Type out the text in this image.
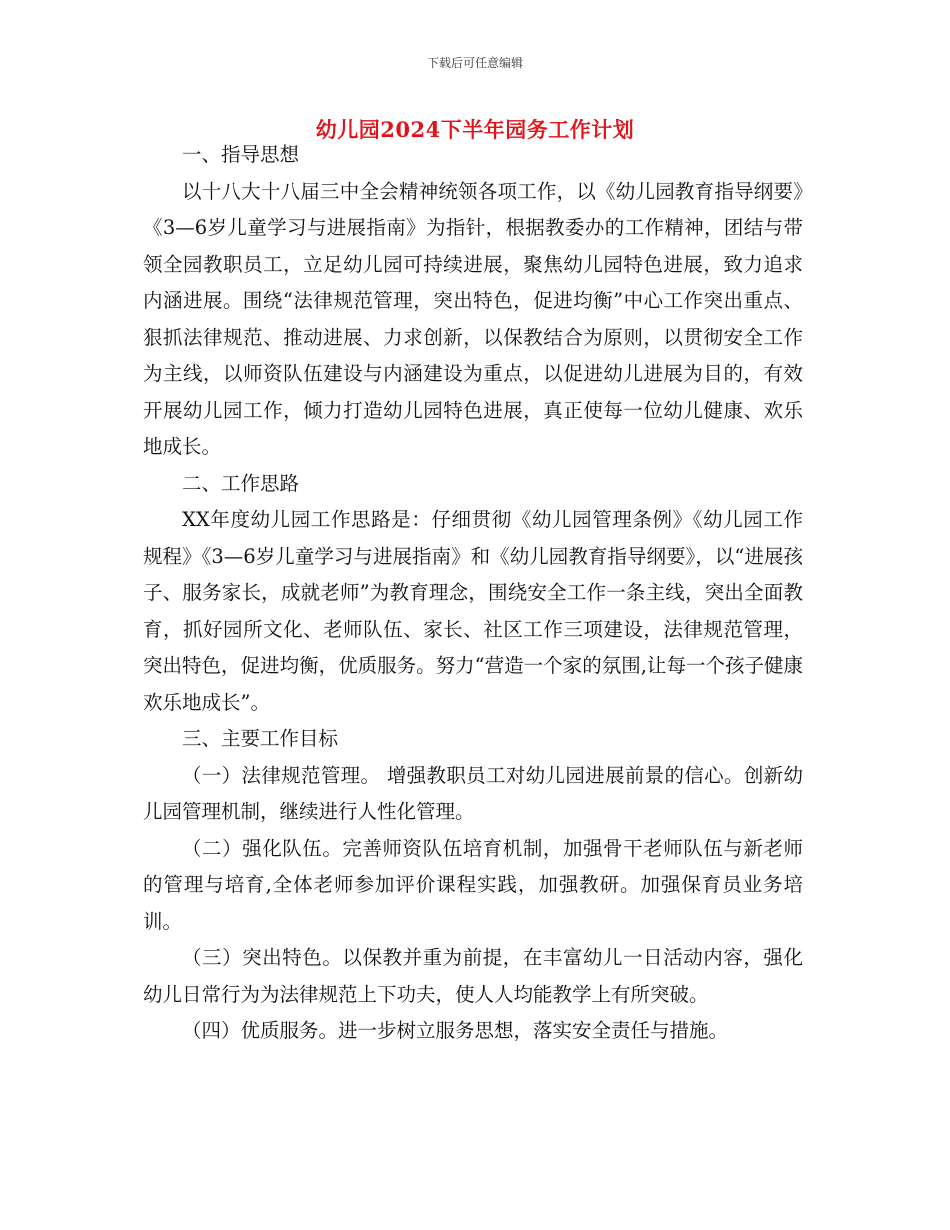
下载后可任意编辑
幼儿园2024下半年园务工作计划

一、指导思想

以十八大十八届三中全会精神统领各项工作，以《幼儿园教育指导纲要》《3—6岁儿童学习与进展指南》为指针，根据教委办的工作精神，团结与带领全园教职员工，立足幼儿园可持续进展，聚焦幼儿园特色进展，致力追求内涵进展。围绕“法律规范管理，突出特色，促进均衡”中心工作突出重点、狠抓法律规范、推动进展、力求创新，以保教结合为原则，以贯彻安全工作为主线，以师资队伍建设与内涵建设为重点，以促进幼儿进展为目的，有效开展幼儿园工作，倾力打造幼儿园特色进展，真正使每一位幼儿健康、欢乐地成长。

二、工作思路

XX年度幼儿园工作思路是：仔细贯彻《幼儿园管理条例》《幼儿园工作规程》《3—6岁儿童学习与进展指南》和《幼儿园教育指导纲要》，以“进展孩子、服务家长，成就老师”为教育理念，围绕安全工作一条主线，突出全面教育，抓好园所文化、老师队伍、家长、社区工作三项建设，法律规范管理，突出特色，促进均衡，优质服务。努力“营造一个家的氛围,让每一个孩子健康欢乐地成长”。

三、主要工作目标

（一）法律规范管理。 增强教职员工对幼儿园进展前景的信心。创新幼儿园管理机制，继续进行人性化管理。

（二）强化队伍。完善师资队伍培育机制，加强骨干老师队伍与新老师的管理与培育,全体老师参加评价课程实践，加强教研。加强保育员业务培训。

（三）突出特色。以保教并重为前提，在丰富幼儿一日活动内容，强化幼儿日常行为为法律规范上下功夫，使人人均能教学上有所突破。

（四）优质服务。进一步树立服务思想，落实安全责任与措施。
